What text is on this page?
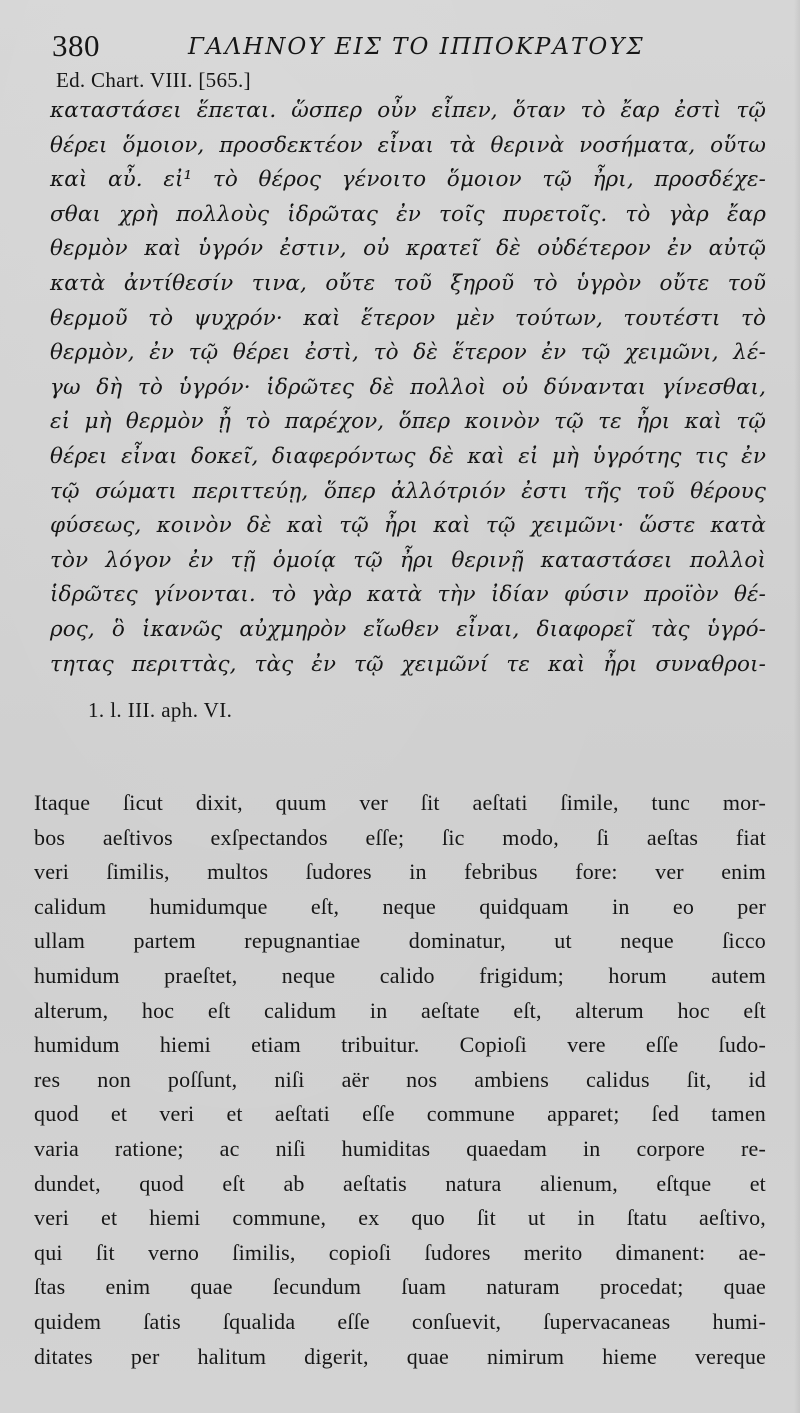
380	ΓΑΛΗΝΟΥ ΕΙΣ ΤΟ ΙΠΠΟΚΡΑΤΟΥΣ
Ed. Chart. VIII. [565.]
καταστάσει ἕπεται. ὥσπερ οὖν εἶπεν, ὅταν τὸ ἔαρ ἐστὶ τῷ
θέρει ὅμοιον, προσδεκτέον εἶναι τὰ θερινὰ νοσήματα, οὕτω
καὶ αὖ. εἰ¹ τὸ θέρος γένοιτο ὅμοιον τῷ ἦρι, προσδέχε-
σθαι χρὴ πολλοὺς ἱδρῶτας ἐν τοῖς πυρετοῖς. τὸ γὰρ ἔαρ
θερμὸν καὶ ὑγρόν ἐστιν, οὐ κρατεῖ δὲ οὐδέτερον ἐν αὐτῷ
κατὰ ἀντίθεσίν τινα, οὔτε τοῦ ξηροῦ τὸ ὑγρὸν οὔτε τοῦ
θερμοῦ τὸ ψυχρόν· καὶ ἕτερον μὲν τούτων, τουτέστι τὸ
θερμὸν, ἐν τῷ θέρει ἐστὶ, τὸ δὲ ἕτερον ἐν τῷ χειμῶνι, λέ-
γω δὴ τὸ ὑγρόν· ἱδρῶτες δὲ πολλοὶ οὐ δύνανται γίνεσθαι,
εἰ μὴ θερμὸν ᾖ τὸ παρέχον, ὅπερ κοινὸν τῷ τε ἦρι καὶ τῷ
θέρει εἶναι δοκεῖ, διαφερόντως δὲ καὶ εἰ μὴ ὑγρότης τις ἐν
τῷ σώματι περιττεύῃ, ὅπερ ἀλλότριόν ἐστι τῆς τοῦ θέρους
φύσεως, κοινὸν δὲ καὶ τῷ ἦρι καὶ τῷ χειμῶνι· ὥστε κατὰ
τὸν λόγον ἐν τῇ ὁμοίᾳ τῷ ἦρι θερινῇ καταστάσει πολλοὶ
ἱδρῶτες γίνονται. τὸ γὰρ κατὰ τὴν ἰδίαν φύσιν προϊὸν θέ-
ρος, ὃ ἱκανῶς αὐχμηρὸν εἴωθεν εἶναι, διαφορεῖ τὰς ὑγρό-
τητας περιττὰς, τὰς ἐν τῷ χειμῶνί τε καὶ ἦρι συναθροι-
1. l. III. aph. VI.
Itaque ſicut dixit, quum ver ſit aeſtati ſimile, tunc mor-
bos aeſtivos exſpectandos eſſe; ſic modo, ſi aeſtas fiat
veri ſimilis, multos ſudores in febribus fore: ver enim
calidum humidumque eſt, neque quidquam in eo per
ullam partem repugnantiae dominatur, ut neque ſicco
humidum praeſtet, neque calido frigidum; horum autem
alterum, hoc eſt calidum in aeſtate eſt, alterum hoc eſt
humidum hiemi etiam tribuitur. Copioſi vere eſſe ſudo-
res non poſſunt, niſi aër nos ambiens calidus ſit, id
quod et veri et aeſtati eſſe commune apparet; ſed tamen
varia ratione; ac niſi humiditas quaedam in corpore re-
dundet, quod eſt ab aeſtatis natura alienum, eſtque et
veri et hiemi commune, ex quo ſit ut in ſtatu aeſtivo,
qui ſit verno ſimilis, copioſi ſudores merito dimanent: ae-
ſtas enim quae ſecundum ſuam naturam procedat; quae
quidem ſatis ſqualida eſſe conſuevit, ſupervacaneas humi-
ditates per halitum digerit, quae nimirum hieme vereque
